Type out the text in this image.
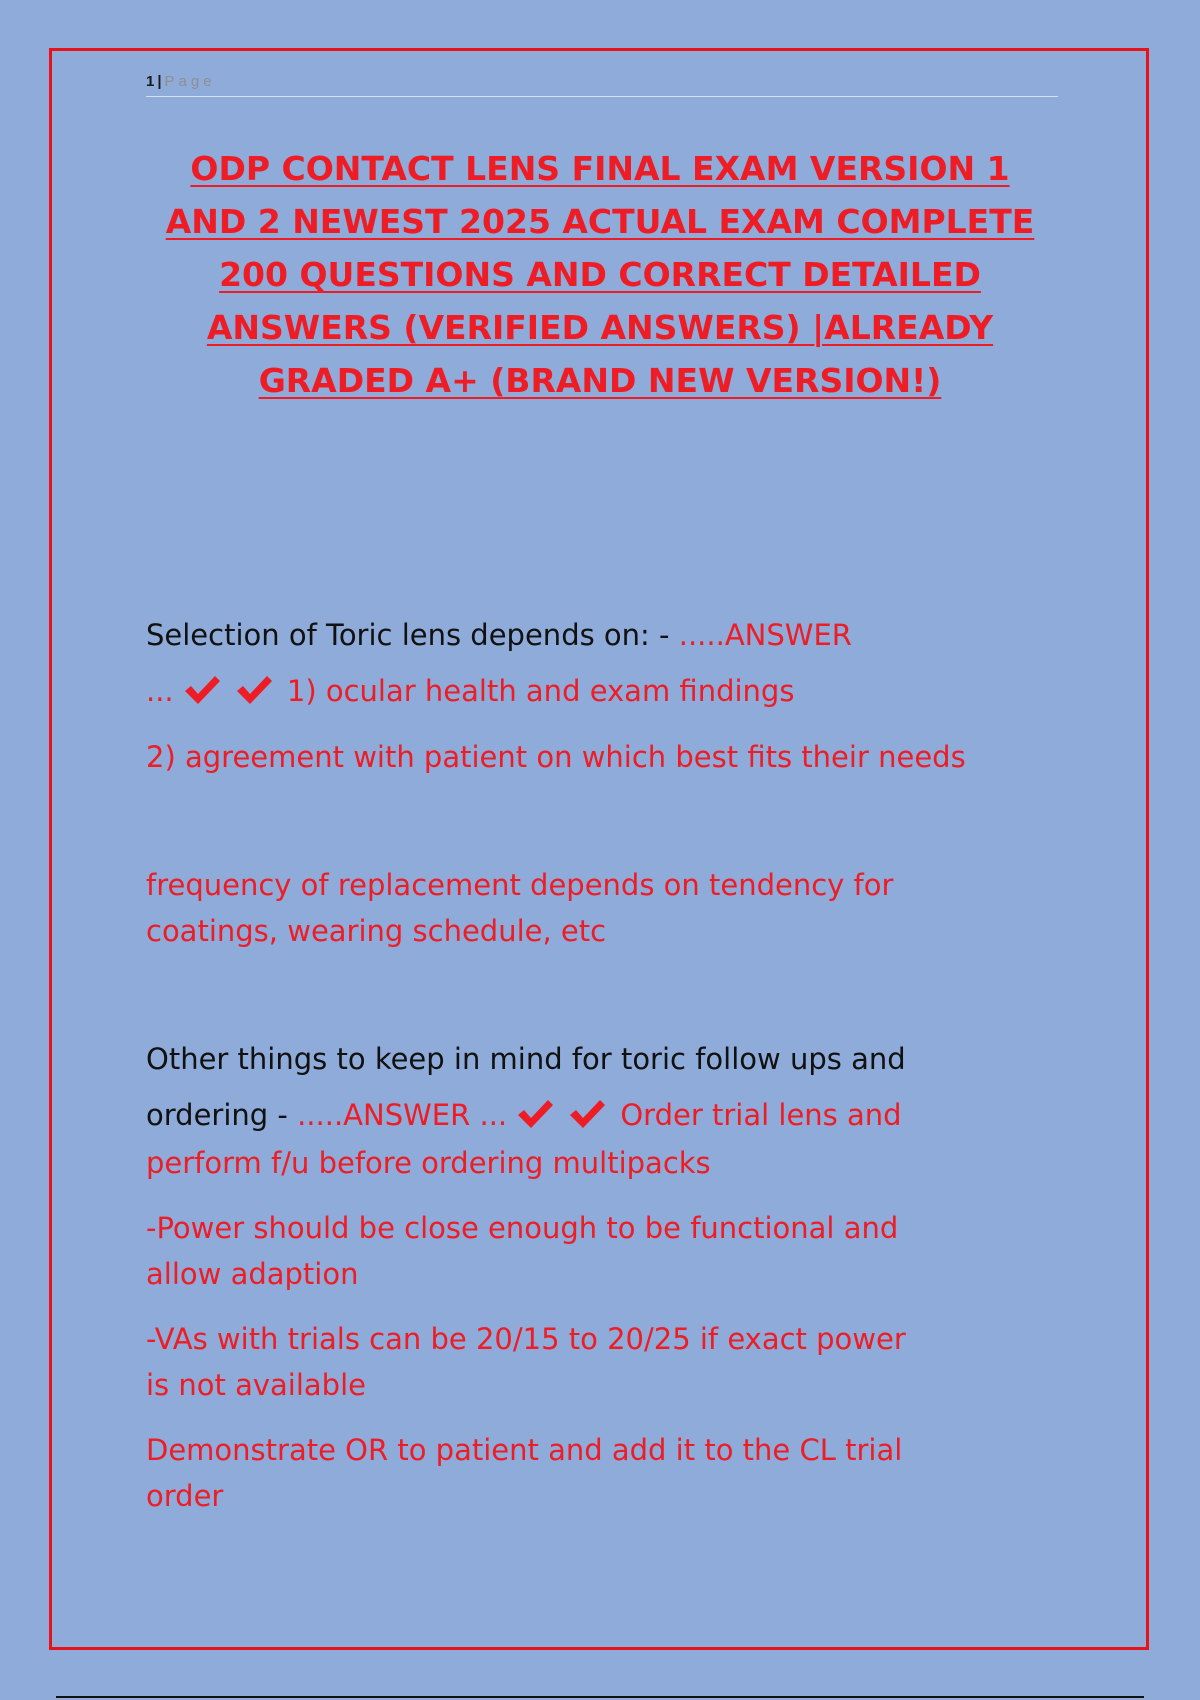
1 | Page
ODP CONTACT LENS FINAL EXAM VERSION 1
AND 2 NEWEST 2025 ACTUAL EXAM COMPLETE
200 QUESTIONS AND CORRECT DETAILED
ANSWERS (VERIFIED ANSWERS) |ALREADY
GRADED A+ (BRAND NEW VERSION!)

Selection of Toric lens depends on: - .....ANSWER

...	1) ocular health and exam findings

2) agreement with patient on which best fits their needs

frequency of replacement depends on tendency for

coatings, wearing schedule, etc

Other things to keep in mind for toric follow ups and

ordering - .....ANSWER ...	Order trial lens and

perform f/u before ordering multipacks

-Power should be close enough to be functional and

allow adaption

-VAs with trials can be 20/15 to 20/25 if exact power

is not available

Demonstrate OR to patient and add it to the CL trial

order
